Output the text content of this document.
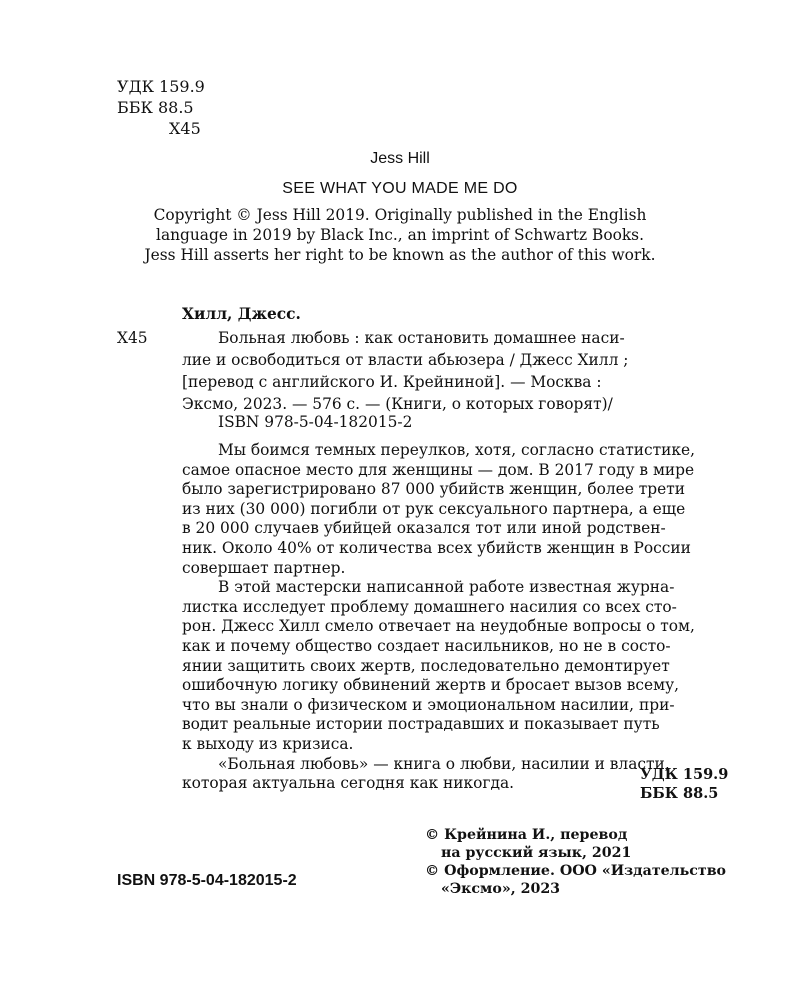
УДК 159.9
ББК 88.5
Х45
Jess Hill
SEE WHAT YOU MADE ME DO
Copyright © Jess Hill 2019. Originally published in the English
language in 2019 by Black Inc., an imprint of Schwartz Books.
Jess Hill asserts her right to be known as the author of this work.
Хилл, Джесс.
Х45	Больная любовь : как остановить домашнее наси-
лие и освободиться от власти абьюзера / Джесс Хилл ;
[перевод с английского И. Крейниной]. — Москва :
Эксмо, 2023. — 576 с. — (Книги, о которых говорят)/
ISBN 978-5-04-182015-2
Мы боимся темных переулков, хотя, согласно статистике,
самое опасное место для женщины — дом. В 2017 году в мире
было зарегистрировано 87 000 убийств женщин, более трети
из них (30 000) погибли от рук сексуального партнера, а еще
в 20 000 случаев убийцей оказался тот или иной родствен-
ник. Около 40% от количества всех убийств женщин в России
совершает партнер.
В этой мастерски написанной работе известная журна-
листка исследует проблему домашнего насилия со всех сто-
рон. Джесс Хилл смело отвечает на неудобные вопросы о том,
как и почему общество создает насильников, но не в состо-
янии защитить своих жертв, последовательно демонтирует
ошибочную логику обвинений жертв и бросает вызов всему,
что вы знали о физическом и эмоциональном насилии, при-
водит реальные истории пострадавших и показывает путь
к выходу из кризиса.
«Больная любовь» — книга о любви, насилии и власти,
которая актуальна сегодня как никогда.	УДК 159.9
ББК 88.5
© Крейнина И., перевод
на русский язык, 2021
© Оформление. ООО «Издательство
«Эксмо», 2023
ISBN 978-5-04-182015-2
